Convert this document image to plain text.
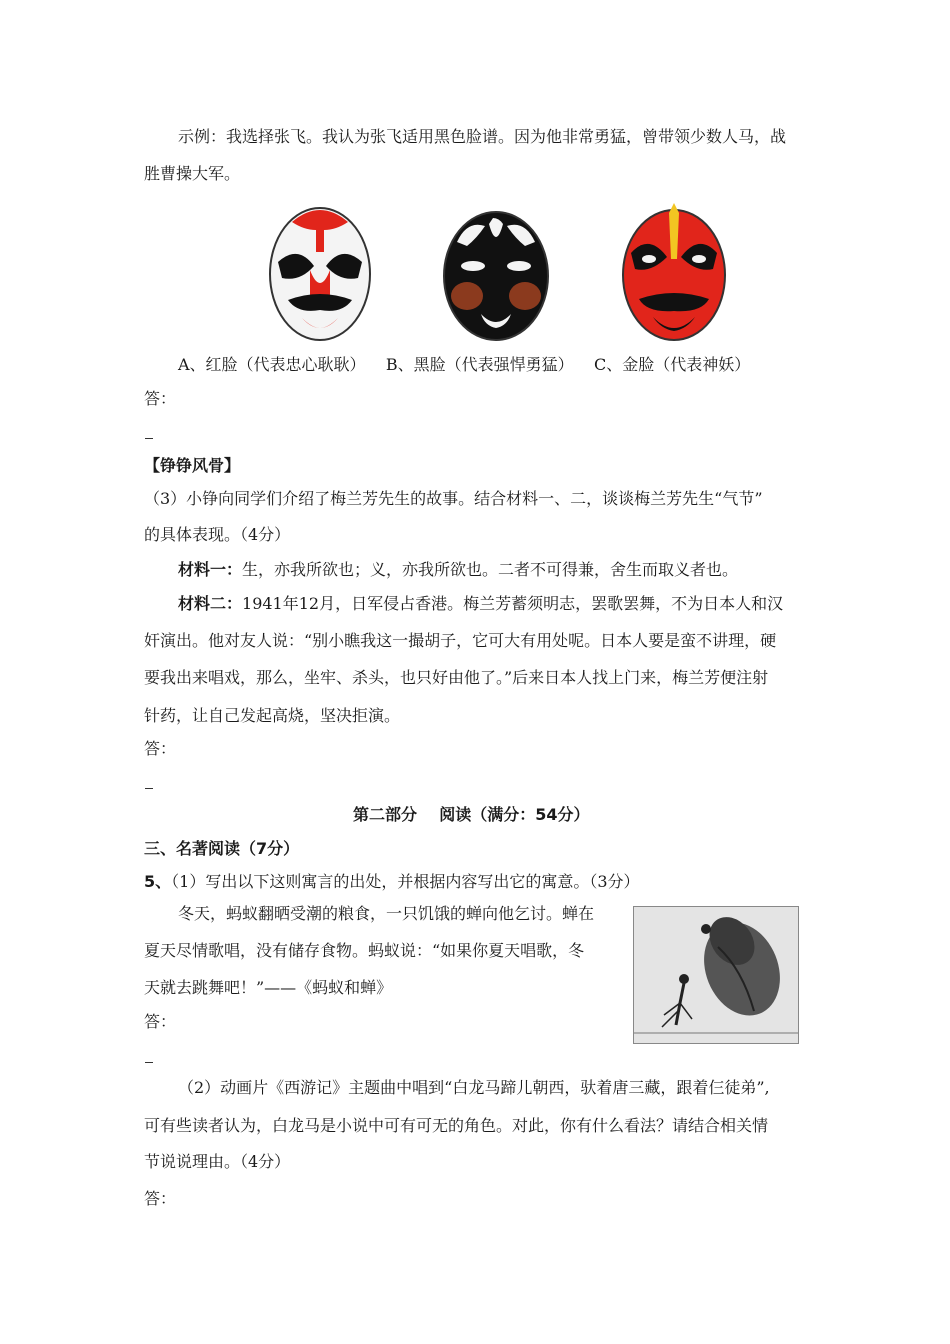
示例：我选择张飞。我认为张飞适用黑色脸谱。因为他非常勇猛，曾带领少数人马，战
胜曹操大军。
A、红脸（代表忠心耿耿）    B、黑脸（代表强悍勇猛）    C、金脸（代表神妖）
答：
【铮铮风骨】
（3）小铮向同学们介绍了梅兰芳先生的故事。结合材料一、二，谈谈梅兰芳先生“气节”
的具体表现。（4分）
材料一：生，亦我所欲也；义，亦我所欲也。二者不可得兼，舍生而取义者也。
材料二：1941年12月，日军侵占香港。梅兰芳蓄须明志，罢歌罢舞，不为日本人和汉
奸演出。他对友人说：“别小瞧我这一撮胡子，它可大有用处呢。日本人要是蛮不讲理，硬
要我出来唱戏，那么，坐牢、杀头，也只好由他了。”后来日本人找上门来，梅兰芳便注射
针药，让自己发起高烧，坚决拒演。
答：
第二部分    阅读（满分：54分）
三、名著阅读（7分）
5、（1）写出以下这则寓言的出处，并根据内容写出它的寓意。（3分）
冬天，蚂蚁翻晒受潮的粮食，一只饥饿的蝉向他乞讨。蝉在
夏天尽情歌唱，没有储存食物。蚂蚁说：“如果你夏天唱歌，冬
天就去跳舞吧！”——《蚂蚁和蝉》
答：
（2）动画片《西游记》主题曲中唱到“白龙马蹄儿朝西，驮着唐三藏，跟着仨徒弟”,
可有些读者认为，白龙马是小说中可有可无的角色。对此，你有什么看法？请结合相关情
节说说理由。（4分）
答：
